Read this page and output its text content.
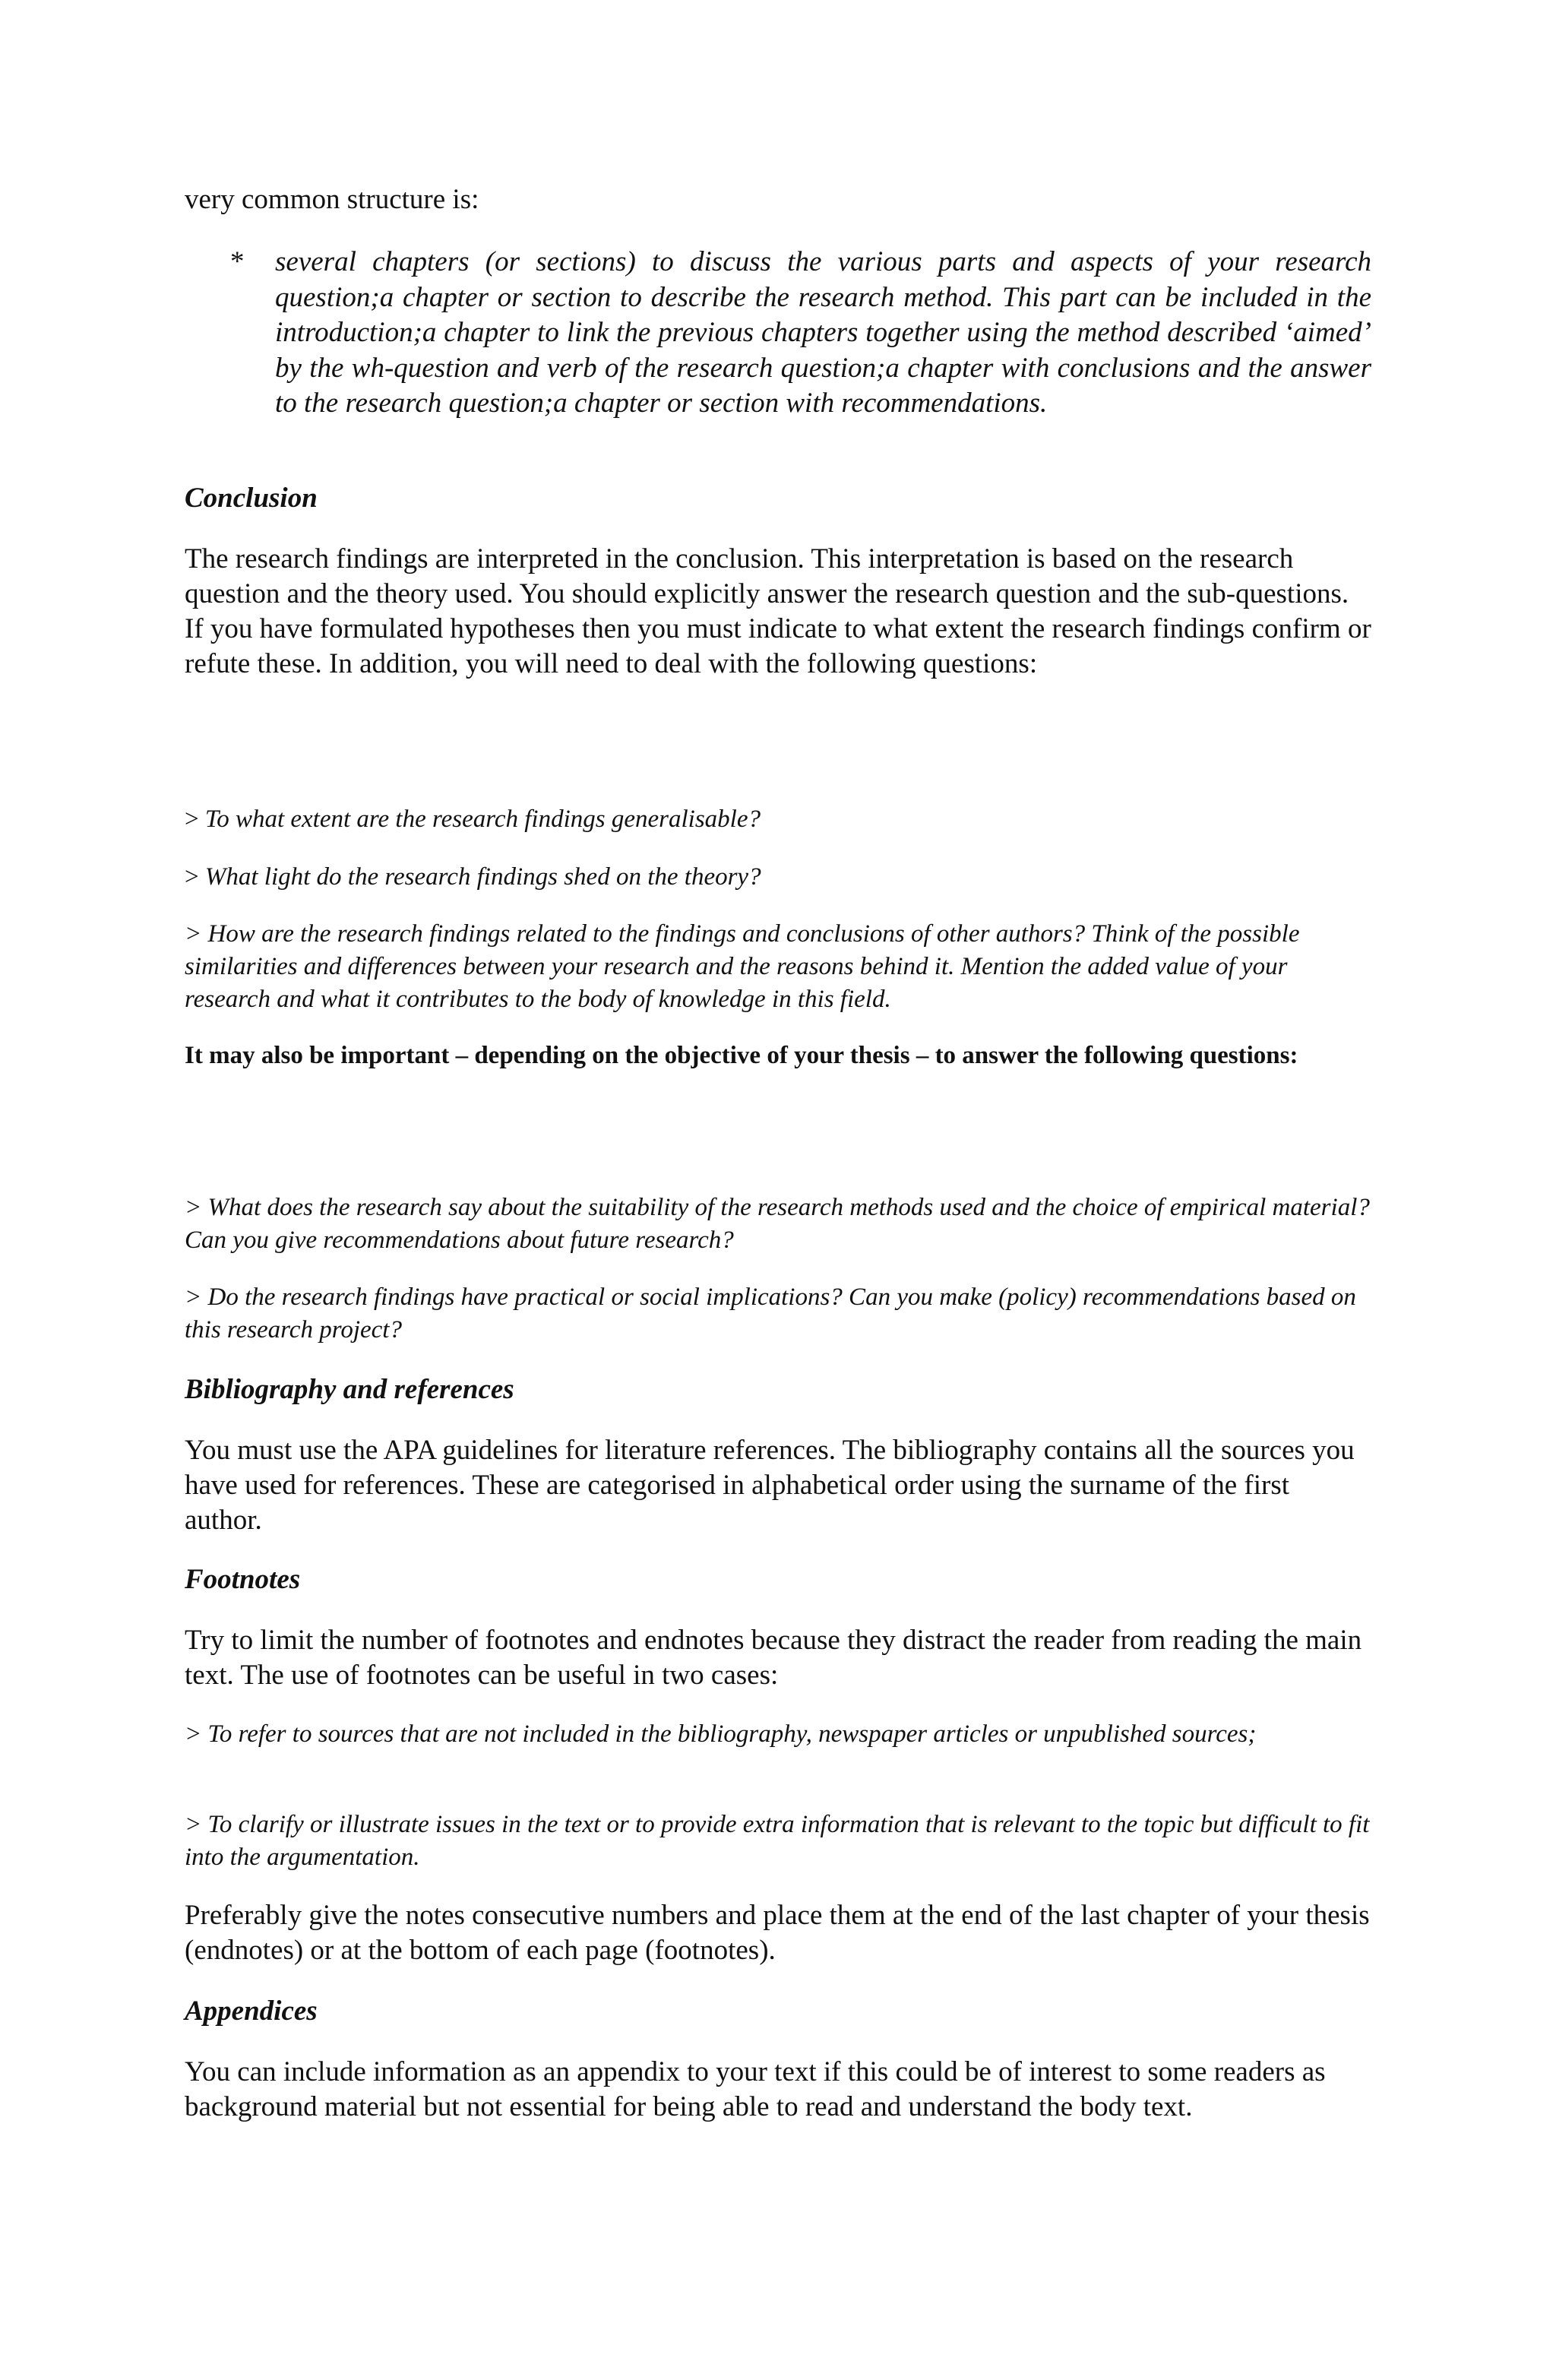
very common structure is:

* several chapters (or sections) to discuss the various parts and aspects of your research question;a chapter or section to describe the research method. This part can be included in the introduction;a chapter to link the previous chapters together using the method described ‘aimed’ by the wh-question and verb of the research question;a chapter with conclusions and the answer to the research question;a chapter or section with recommendations.

Conclusion

The research findings are interpreted in the conclusion. This interpretation is based on the research question and the theory used. You should explicitly answer the research question and the sub-questions. If you have formulated hypotheses then you must indicate to what extent the research findings confirm or refute these. In addition, you will need to deal with the following questions:

> To what extent are the research findings generalisable?

> What light do the research findings shed on the theory?

> How are the research findings related to the findings and conclusions of other authors? Think of the possible similarities and differences between your research and the reasons behind it. Mention the added value of your research and what it contributes to the body of knowledge in this field.

It may also be important – depending on the objective of your thesis – to answer the following questions:

> What does the research say about the suitability of the research methods used and the choice of empirical material? Can you give recommendations about future research?

> Do the research findings have practical or social implications? Can you make (policy) recommendations based on this research project?

Bibliography and references

You must use the APA guidelines for literature references. The bibliography contains all the sources you have used for references. These are categorised in alphabetical order using the surname of the first author.

Footnotes

Try to limit the number of footnotes and endnotes because they distract the reader from reading the main text. The use of footnotes can be useful in two cases:

> To refer to sources that are not included in the bibliography, newspaper articles or unpublished sources;

> To clarify or illustrate issues in the text or to provide extra information that is relevant to the topic but difficult to fit into the argumentation.

Preferably give the notes consecutive numbers and place them at the end of the last chapter of your thesis (endnotes) or at the bottom of each page (footnotes).

Appendices

You can include information as an appendix to your text if this could be of interest to some readers as background material but not essential for being able to read and understand the body text.
